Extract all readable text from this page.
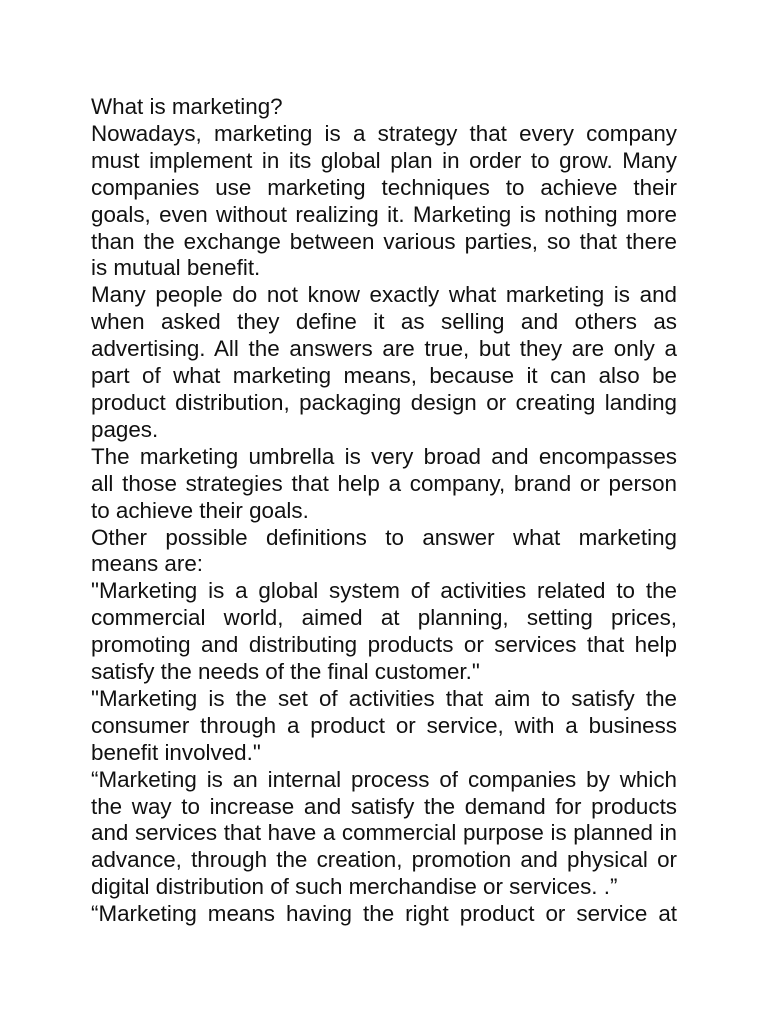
What is marketing?

Nowadays, marketing is a strategy that every company must implement in its global plan in order to grow. Many companies use marketing techniques to achieve their goals, even without realizing it. Marketing is nothing more than the exchange between various parties, so that there is mutual benefit.

Many people do not know exactly what marketing is and when asked they define it as selling and others as advertising. All the answers are true, but they are only a part of what marketing means, because it can also be product distribution, packaging design or creating landing pages.

The marketing umbrella is very broad and encompasses all those strategies that help a company, brand or person to achieve their goals.

Other possible definitions to answer what marketing means are:

"Marketing is a global system of activities related to the commercial world, aimed at planning, setting prices, promoting and distributing products or services that help satisfy the needs of the final customer."

"Marketing is the set of activities that aim to satisfy the consumer through a product or service, with a business benefit involved."

“Marketing is an internal process of companies by which the way to increase and satisfy the demand for products and services that have a commercial purpose is planned in advance, through the creation, promotion and physical or digital distribution of such merchandise or services. .”

“Marketing means having the right product or service at
